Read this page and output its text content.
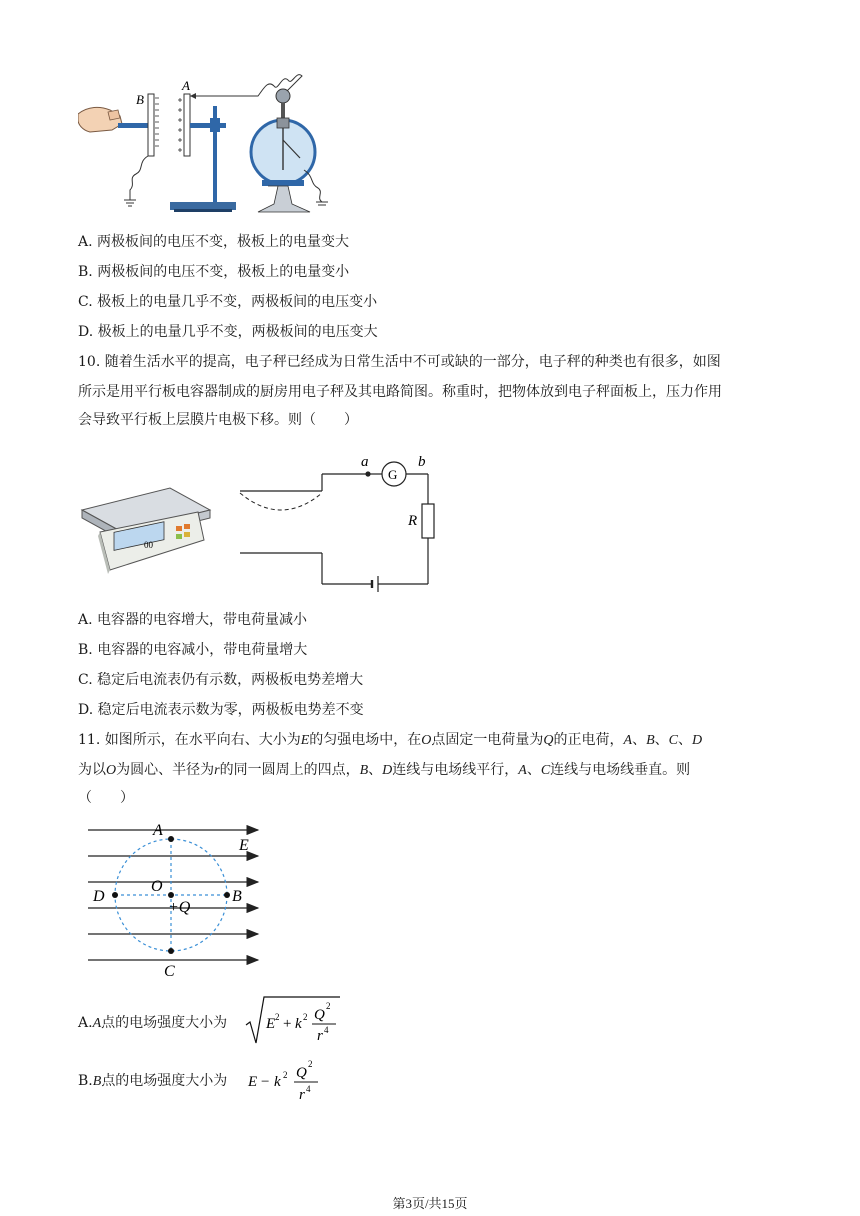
B
A
A. 两极板间的电压不变，极板上的电量变大
B. 两极板间的电压不变，极板上的电量变小
C. 极板上的电量几乎不变，两极板间的电压变小
D. 极板上的电量几乎不变，两极板间的电压变大
10. 随着生活水平的提高，电子秤已经成为日常生活中不可或缺的一部分，电子秤的种类也有很多，如图
所示是用平行板电容器制成的厨房用电子秤及其电路简图。称重时，把物体放到电子秤面板上，压力作用
会导致平行板上层膜片电极下移。则（　　）
00
a
G
b
R
A. 电容器的电容增大，带电荷量减小
B. 电容器的电容减小，带电荷量增大
C. 稳定后电流表仍有示数，两极板电势差增大
D. 稳定后电流表示数为零，两极板电势差不变
11. 如图所示，在水平向右、大小为E的匀强电场中，在O点固定一电荷量为Q的正电荷，A、B、C、D
为以O为圆心、半径为r的同一圆周上的四点，B、D连线与电场线平行，A、C连线与电场线垂直。则
（　　）
A
B
C
D
O
+Q
E
A.A点的电场强度大小为	E 2 + k 2 Q
2
r 4
B.B点的电场强度大小为 E − k 2 Q
2
r 4
第3页/共15页
